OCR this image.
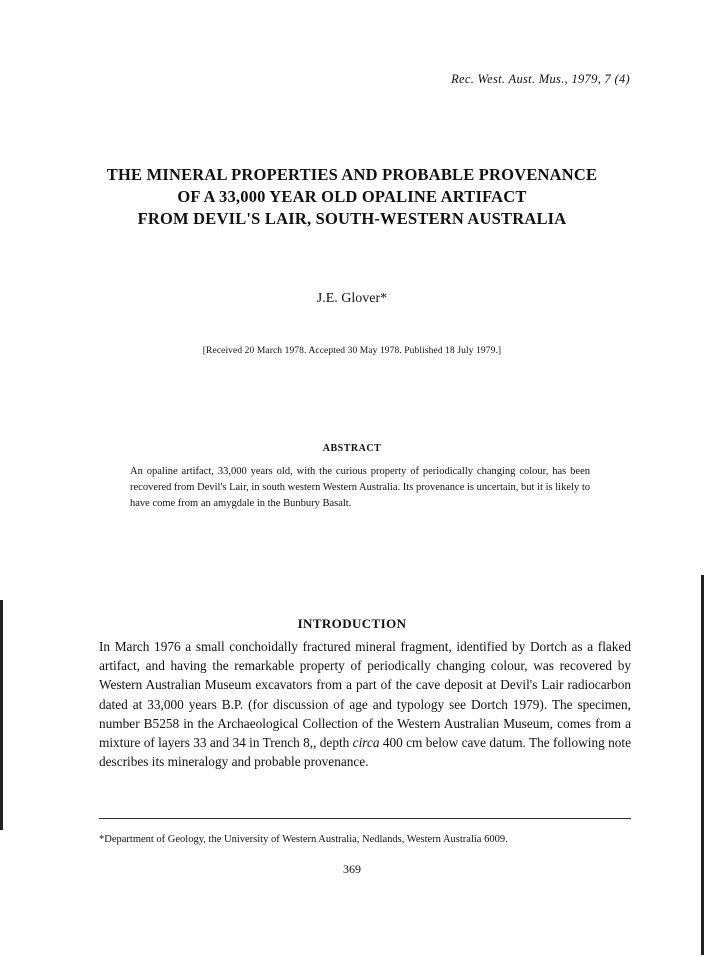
Rec. West. Aust. Mus., 1979, 7 (4)
THE MINERAL PROPERTIES AND PROBABLE PROVENANCE
OF A 33,000 YEAR OLD OPALINE ARTIFACT
FROM DEVIL'S LAIR, SOUTH-WESTERN AUSTRALIA
J.E. Glover*
[Received 20 March 1978. Accepted 30 May 1978. Published 18 July 1979.]
ABSTRACT
An opaline artifact, 33,000 years old, with the curious property of periodically changing colour, has been recovered from Devil's Lair, in south western Western Australia. Its provenance is uncertain, but it is likely to have come from an amygdale in the Bunbury Basalt.
INTRODUCTION
In March 1976 a small conchoidally fractured mineral fragment, identified by Dortch as a flaked artifact, and having the remarkable property of periodically changing colour, was recovered by Western Australian Museum excavators from a part of the cave deposit at Devil's Lair radiocarbon dated at 33,000 years B.P. (for discussion of age and typology see Dortch 1979). The specimen, number B5258 in the Archaeological Collection of the Western Australian Museum, comes from a mixture of layers 33 and 34 in Trench 8,, depth circa 400 cm below cave datum. The following note describes its mineralogy and probable provenance.
*Department of Geology, the University of Western Australia, Nedlands, Western Australia 6009.
369
